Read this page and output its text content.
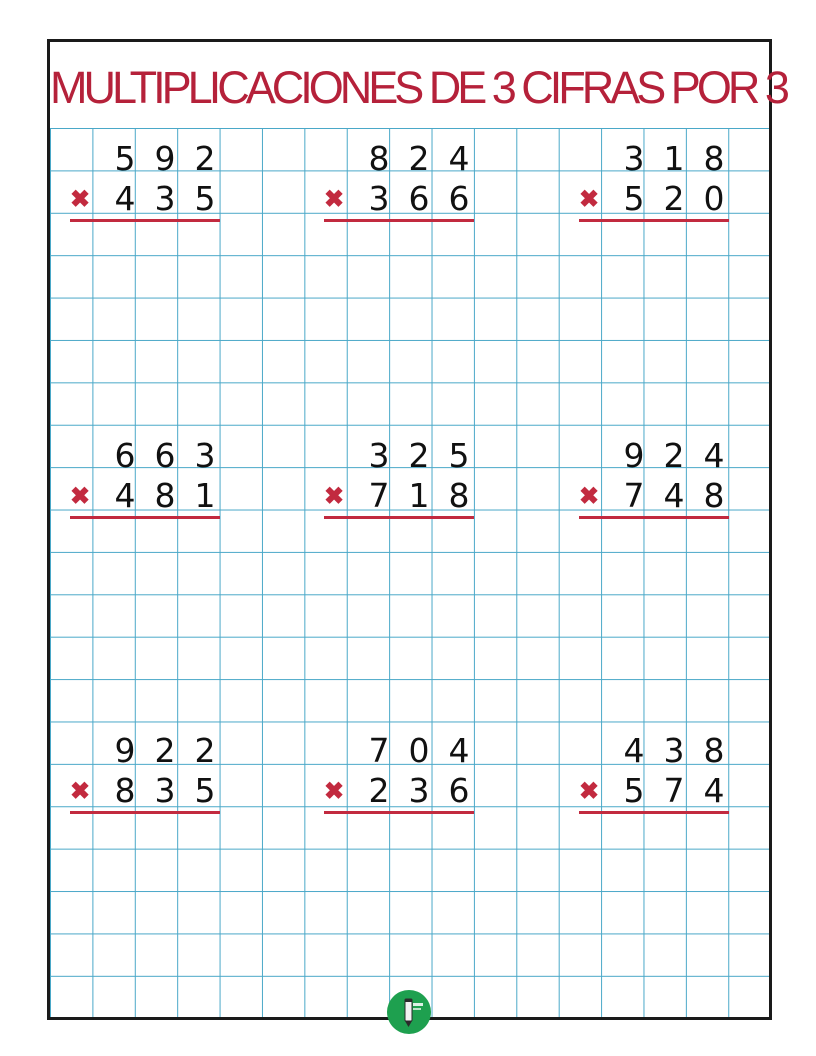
MULTIPLICACIONES DE 3 CIFRAS POR 3
5 9 2
✖ 4 3 5
8 2 4
✖ 3 6 6
3 1 8
✖ 5 2 0
6 6 3
✖ 4 8 1
3 2 5
✖ 7 1 8
9 2 4
✖ 7 4 8
9 2 2
✖ 8 3 5
7 0 4
✖ 2 3 6
4 3 8
✖ 5 7 4
